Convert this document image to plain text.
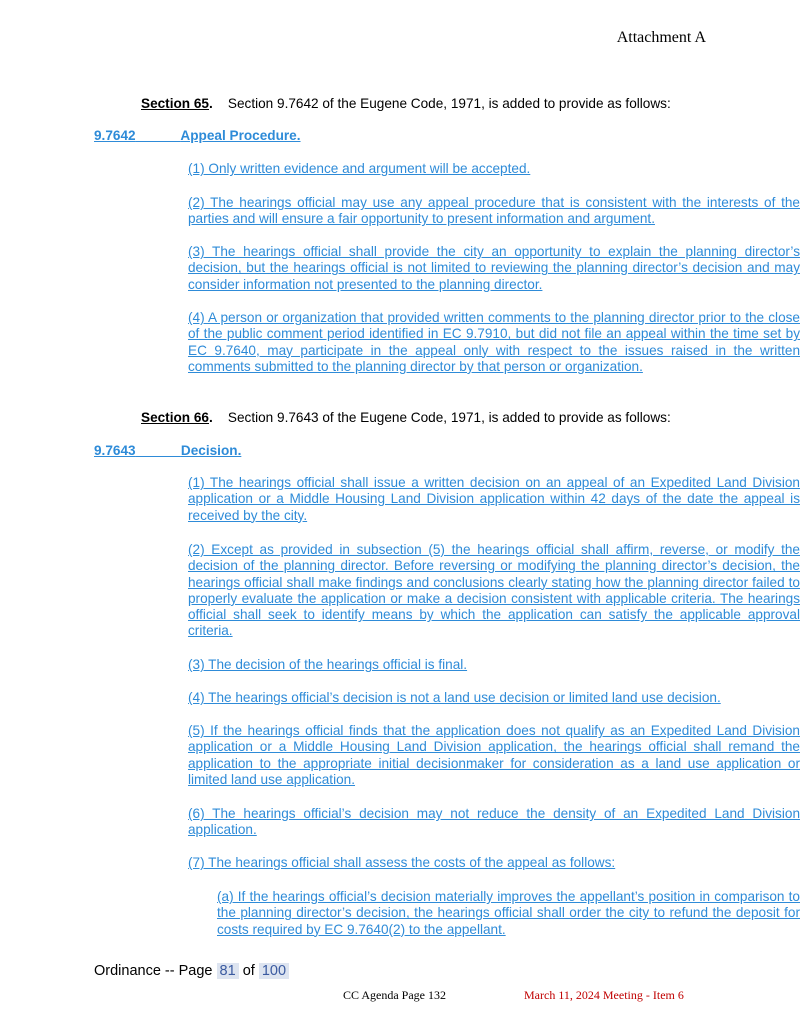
Attachment A
Section 65. Section 9.7642 of the Eugene Code, 1971, is added to provide as follows:
9.7642	Appeal Procedure.

(1) Only written evidence and argument will be accepted.

(2) The hearings official may use any appeal procedure that is consistent with the interests of the parties and will ensure a fair opportunity to present information and argument.

(3) The hearings official shall provide the city an opportunity to explain the planning director’s decision, but the hearings official is not limited to reviewing the planning director’s decision and may consider information not presented to the planning director.

(4) A person or organization that provided written comments to the planning director prior to the close of the public comment period identified in EC 9.7910, but did not file an appeal within the time set by EC 9.7640, may participate in the appeal only with respect to the issues raised in the written comments submitted to the planning director by that person or organization.

Section 66. Section 9.7643 of the Eugene Code, 1971, is added to provide as follows:
9.7643	Decision.

(1) The hearings official shall issue a written decision on an appeal of an Expedited Land Division application or a Middle Housing Land Division application within 42 days of the date the appeal is received by the city.

(2) Except as provided in subsection (5) the hearings official shall affirm, reverse, or modify the decision of the planning director. Before reversing or modifying the planning director’s decision, the hearings official shall make findings and conclusions clearly stating how the planning director failed to properly evaluate the application or make a decision consistent with applicable criteria. The hearings official shall seek to identify means by which the application can satisfy the applicable approval criteria.

(3) The decision of the hearings official is final.

(4) The hearings official’s decision is not a land use decision or limited land use decision.

(5) If the hearings official finds that the application does not qualify as an Expedited Land Division application or a Middle Housing Land Division application, the hearings official shall remand the application to the appropriate initial decisionmaker for consideration as a land use application or limited land use application.

(6) The hearings official’s decision may not reduce the density of an Expedited Land Division application.

(7) The hearings official shall assess the costs of the appeal as follows:

(a) If the hearings official’s decision materially improves the appellant’s position in comparison to the planning director’s decision, the hearings official shall order the city to refund the deposit for costs required by EC 9.7640(2) to the appellant.

Ordinance -- Page 81 of 100
CC Agenda Page 132	March 11, 2024 Meeting - Item 6
